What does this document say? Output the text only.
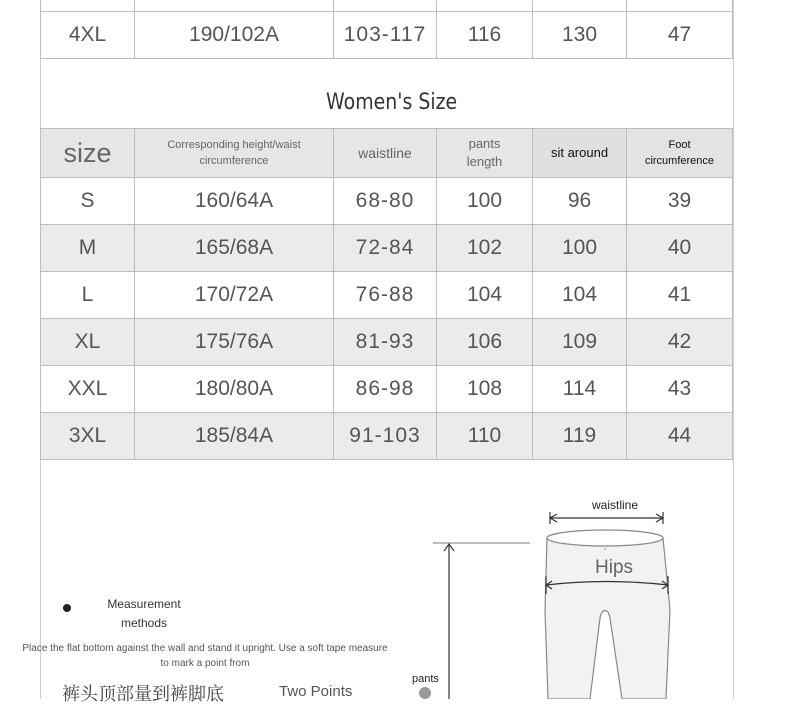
4XL	190/102A	103-117	116	130	47
Women's Size
size	Corresponding height/waist circumference	waistline	pants length	sit around	Foot circumference
S	160/64A	68-80	100	96	39
M	165/68A	72-84	102	100	40
L	170/72A	76-88	104	104	41
XL	175/76A	81-93	106	109	42
XXL	180/80A	86-98	108	114	43
3XL	185/84A	91-103	110	119	44
Measurement methods
Place the flat bottom against the wall and stand it upright. Use a soft tape measure to mark a point from
裤头顶部量到裤脚底	Two Points
waistline
Hips
pants
